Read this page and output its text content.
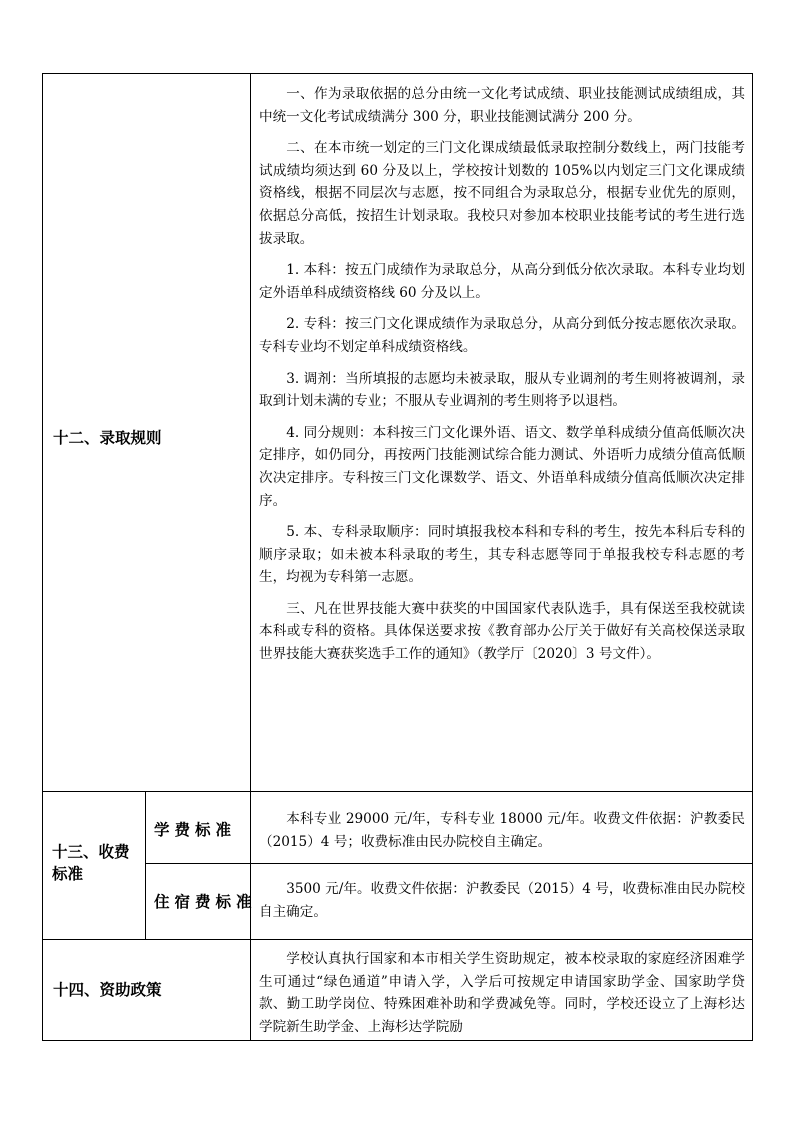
十二、录取规则

一、作为录取依据的总分由统一文化考试成绩、职业技能测试成绩组成，其中统一文化考试成绩满分 300 分，职业技能测试满分 200 分。

二、在本市统一划定的三门文化课成绩最低录取控制分数线上，两门技能考试成绩均须达到 60 分及以上，学校按计划数的 105%以内划定三门文化课成绩资格线，根据不同层次与志愿，按不同组合为录取总分，根据专业优先的原则，依据总分高低，按招生计划录取。我校只对参加本校职业技能考试的考生进行选拔录取。

1. 本科：按五门成绩作为录取总分，从高分到低分依次录取。本科专业均划定外语单科成绩资格线 60 分及以上。

2. 专科：按三门文化课成绩作为录取总分，从高分到低分按志愿依次录取。专科专业均不划定单科成绩资格线。

3. 调剂：当所填报的志愿均未被录取，服从专业调剂的考生则将被调剂，录取到计划未满的专业；不服从专业调剂的考生则将予以退档。

4. 同分规则：本科按三门文化课外语、语文、数学单科成绩分值高低顺次决定排序，如仍同分，再按两门技能测试综合能力测试、外语听力成绩分值高低顺次决定排序。专科按三门文化课数学、语文、外语单科成绩分值高低顺次决定排序。

5. 本、专科录取顺序：同时填报我校本科和专科的考生，按先本科后专科的顺序录取；如未被本科录取的考生，其专科志愿等同于单报我校专科志愿的考生，均视为专科第一志愿。

三、凡在世界技能大赛中获奖的中国国家代表队选手，具有保送至我校就读本科或专科的资格。具体保送要求按《教育部办公厅关于做好有关高校保送录取世界技能大赛获奖选手工作的通知》（教学厅〔2020〕3 号文件）。

十三、收费标准
学费标准

本科专业 29000 元/年，专科专业 18000 元/年。收费文件依据：沪教委民（2015）4 号；收费标准由民办院校自主确定。

住宿费标准

3500 元/年。收费文件依据：沪教委民（2015）4 号，收费标准由民办院校自主确定。

十四、资助政策

学校认真执行国家和本市相关学生资助规定，被本校录取的家庭经济困难学生可通过“绿色通道”申请入学，入学后可按规定申请国家助学金、国家助学贷款、勤工助学岗位、特殊困难补助和学费减免等。同时，学校还设立了上海杉达学院新生助学金、上海杉达学院励
